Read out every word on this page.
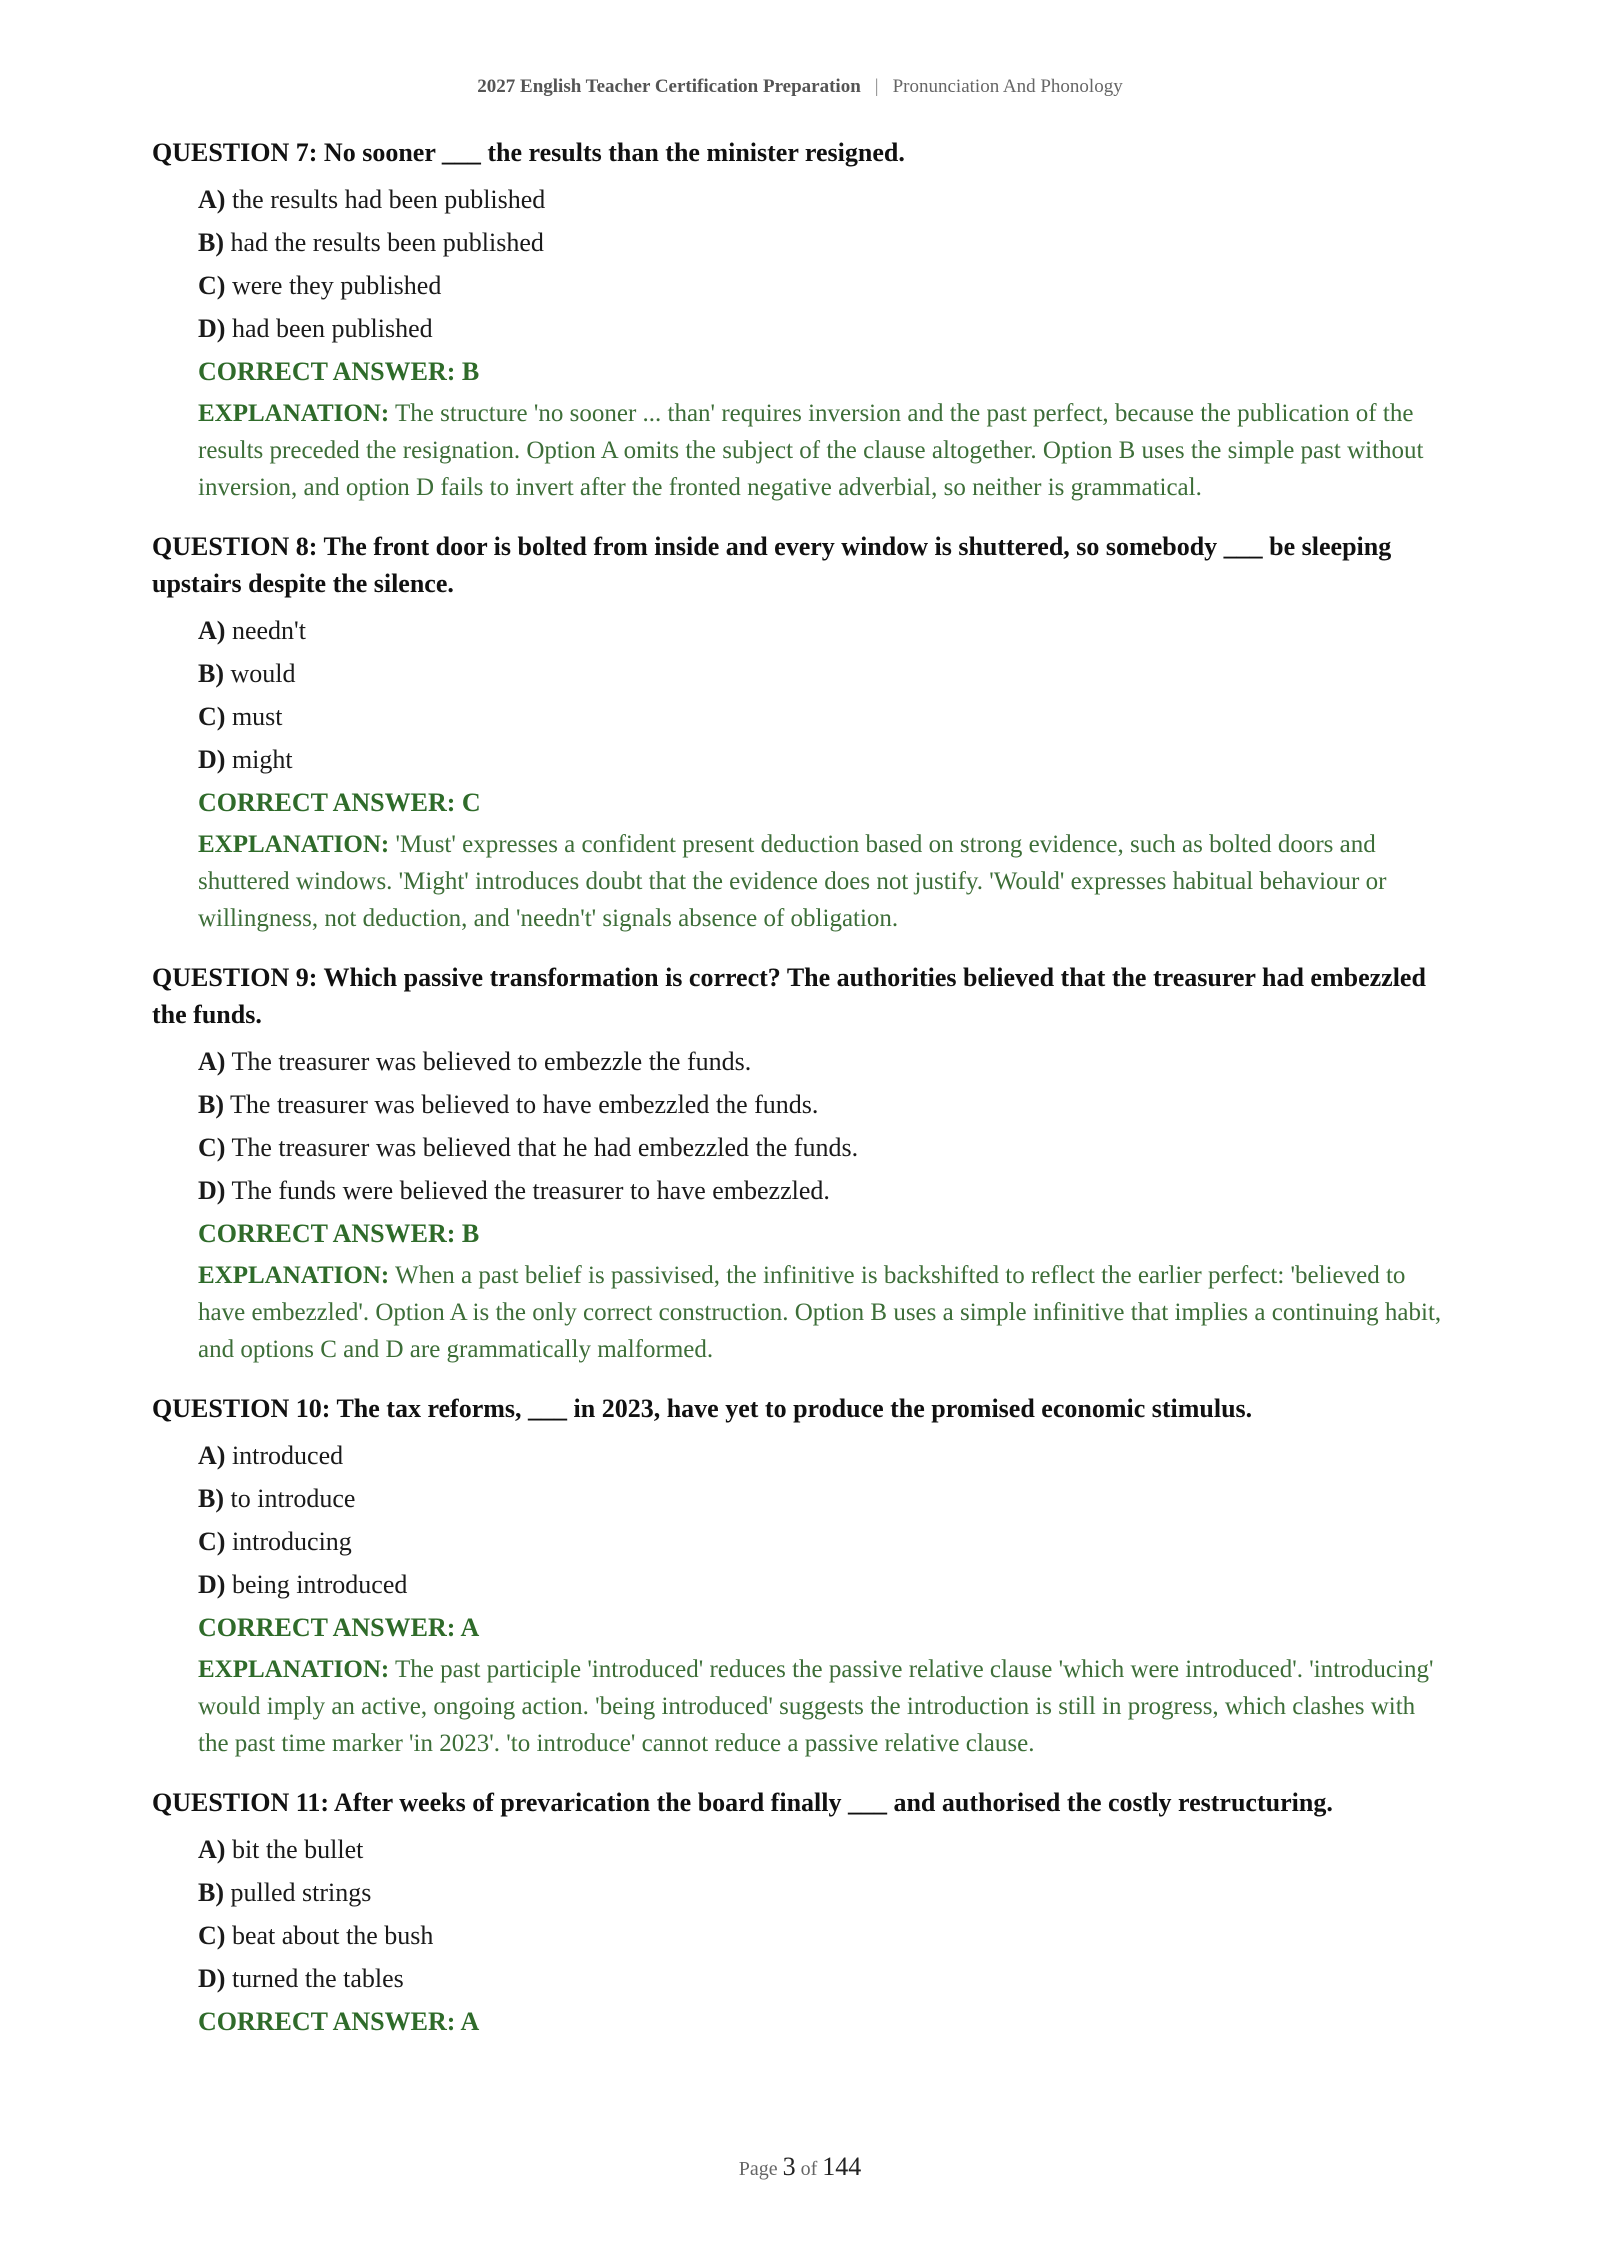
2027 English Teacher Certification Preparation | Pronunciation And Phonology
QUESTION 7: No sooner ___ the results than the minister resigned.
A) the results had been published
B) had the results been published
C) were they published
D) had been published
CORRECT ANSWER: B
EXPLANATION: The structure 'no sooner ... than' requires inversion and the past perfect, because the publication of the results preceded the resignation. Option A omits the subject of the clause altogether. Option B uses the simple past without inversion, and option D fails to invert after the fronted negative adverbial, so neither is grammatical.
QUESTION 8: The front door is bolted from inside and every window is shuttered, so somebody ___ be sleeping upstairs despite the silence.
A) needn't
B) would
C) must
D) might
CORRECT ANSWER: C
EXPLANATION: 'Must' expresses a confident present deduction based on strong evidence, such as bolted doors and shuttered windows. 'Might' introduces doubt that the evidence does not justify. 'Would' expresses habitual behaviour or willingness, not deduction, and 'needn't' signals absence of obligation.
QUESTION 9: Which passive transformation is correct? The authorities believed that the treasurer had embezzled the funds.
A) The treasurer was believed to embezzle the funds.
B) The treasurer was believed to have embezzled the funds.
C) The treasurer was believed that he had embezzled the funds.
D) The funds were believed the treasurer to have embezzled.
CORRECT ANSWER: B
EXPLANATION: When a past belief is passivised, the infinitive is backshifted to reflect the earlier perfect: 'believed to have embezzled'. Option A is the only correct construction. Option B uses a simple infinitive that implies a continuing habit, and options C and D are grammatically malformed.
QUESTION 10: The tax reforms, ___ in 2023, have yet to produce the promised economic stimulus.
A) introduced
B) to introduce
C) introducing
D) being introduced
CORRECT ANSWER: A
EXPLANATION: The past participle 'introduced' reduces the passive relative clause 'which were introduced'. 'introducing' would imply an active, ongoing action. 'being introduced' suggests the introduction is still in progress, which clashes with the past time marker 'in 2023'. 'to introduce' cannot reduce a passive relative clause.
QUESTION 11: After weeks of prevarication the board finally ___ and authorised the costly restructuring.
A) bit the bullet
B) pulled strings
C) beat about the bush
D) turned the tables
CORRECT ANSWER: A
Page 3 of 144
